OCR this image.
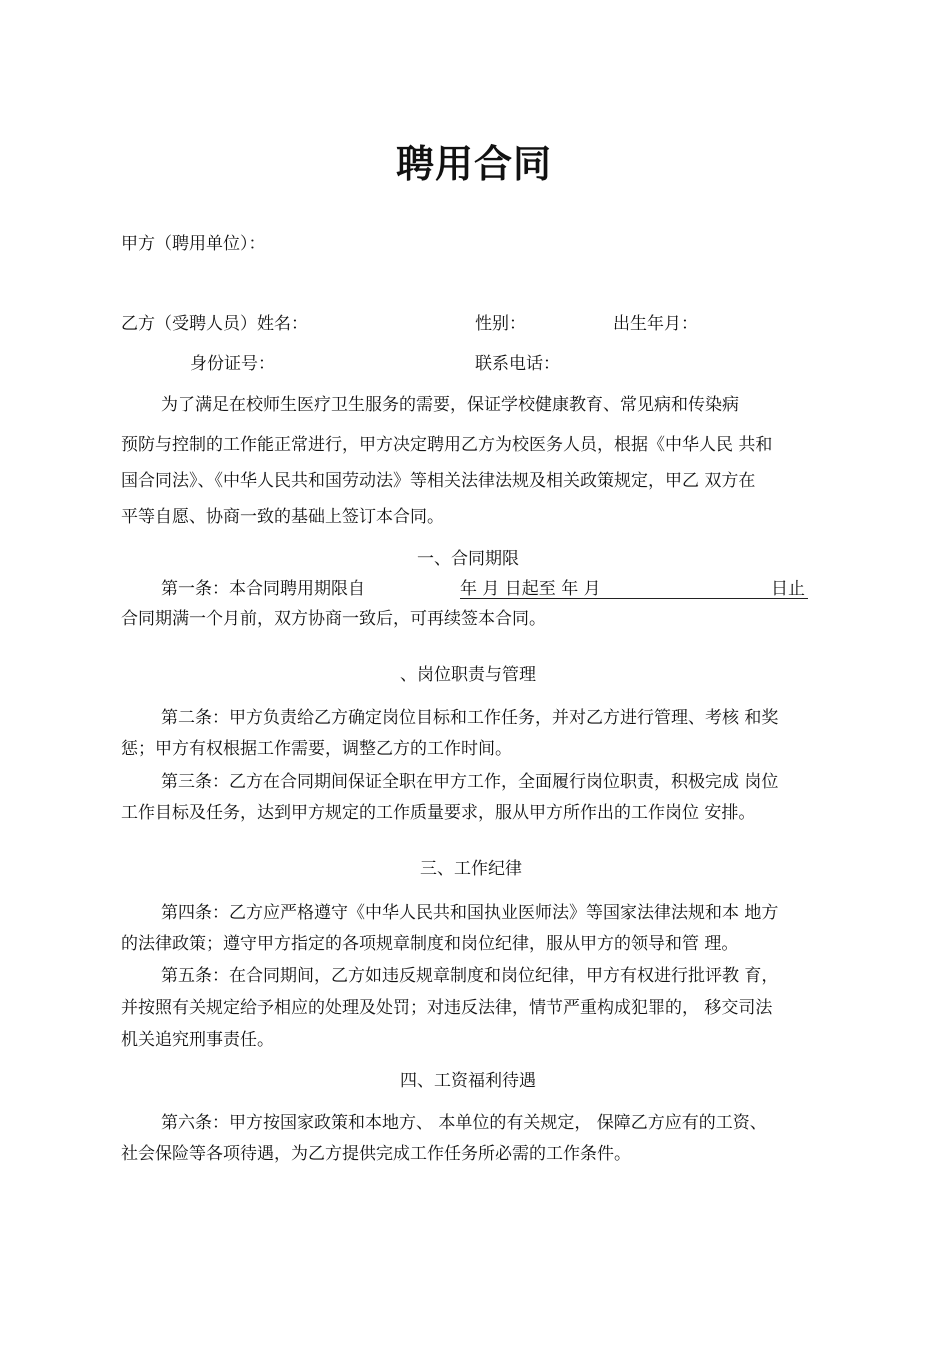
聘用合同
甲方（聘用单位）：
乙方（受聘人员）姓名：	性别：	出生年月：
身份证号：	联系电话：
为了满足在校师生医疗卫生服务的需要，保证学校健康教育、常见病和传染病
预防与控制的工作能正常进行，甲方决定聘用乙方为校医务人员，根据《中华人民 共和
国合同法》、《中华人民共和国劳动法》等相关法律法规及相关政策规定，甲乙 双方在
平等自愿、协商一致的基础上签订本合同。
一、合同期限
第一条：本合同聘用期限自	年 月 日起至 年 月	日止
合同期满一个月前，双方协商一致后，可再续签本合同。
、岗位职责与管理
第二条：甲方负责给乙方确定岗位目标和工作任务，并对乙方进行管理、考核 和奖
惩；甲方有权根据工作需要，调整乙方的工作时间。
第三条：乙方在合同期间保证全职在甲方工作，全面履行岗位职责，积极完成 岗位
工作目标及任务，达到甲方规定的工作质量要求，服从甲方所作出的工作岗位 安排。
三、工作纪律
第四条：乙方应严格遵守《中华人民共和国执业医师法》等国家法律法规和本 地方
的法律政策；遵守甲方指定的各项规章制度和岗位纪律，服从甲方的领导和管 理。
第五条：在合同期间，乙方如违反规章制度和岗位纪律，甲方有权进行批评教 育，
并按照有关规定给予相应的处理及处罚；对违反法律，情节严重构成犯罪的， 移交司法
机关追究刑事责任。
四、工资福利待遇
第六条：甲方按国家政策和本地方、 本单位的有关规定， 保障乙方应有的工资、
社会保险等各项待遇，为乙方提供完成工作任务所必需的工作条件。
